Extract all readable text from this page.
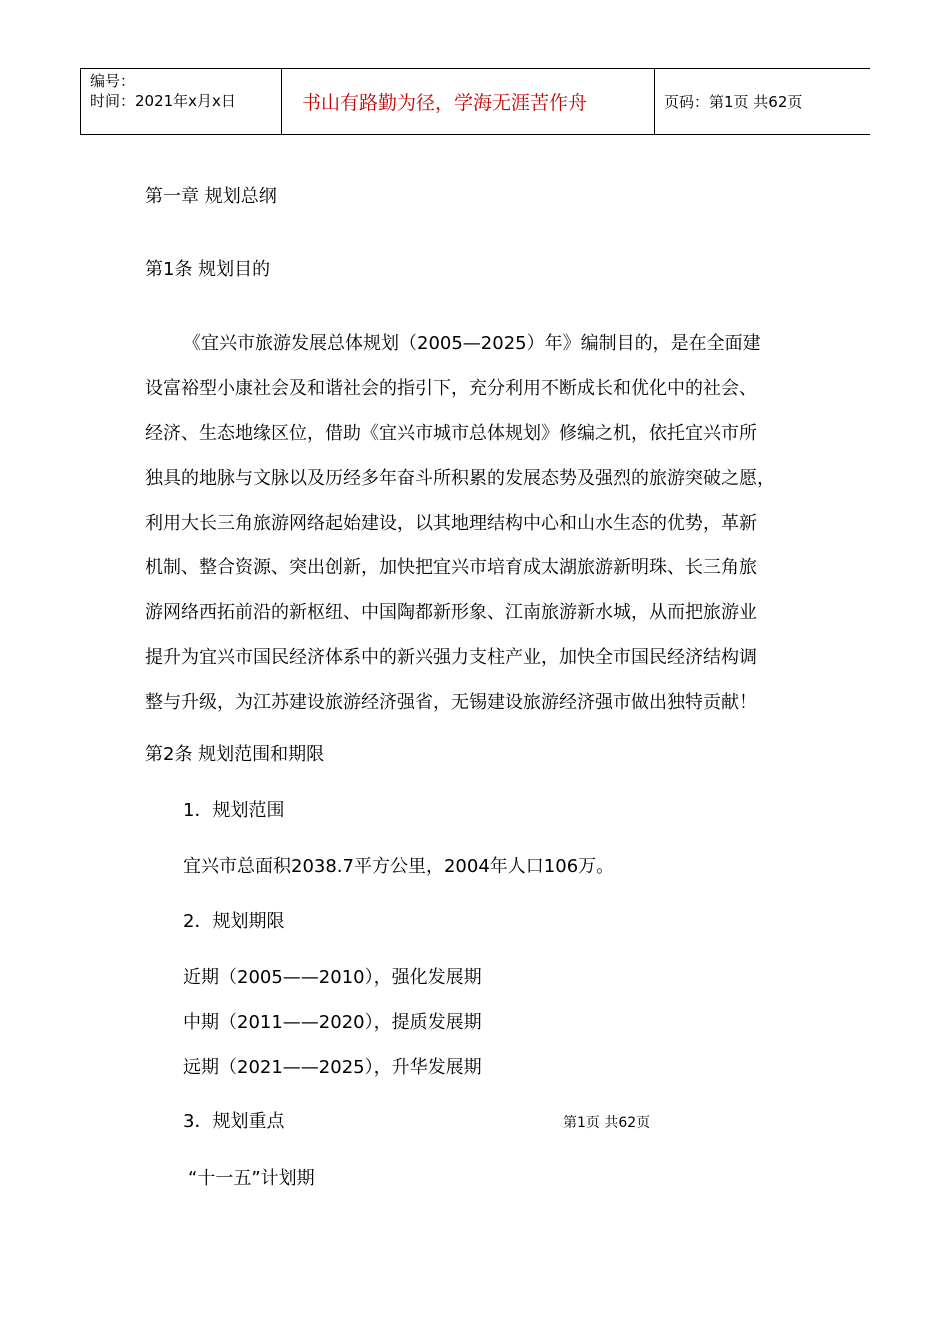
编号：
时间：2021年x月x日	书山有路勤为径，学海无涯苦作舟	页码：第1页 共62页
第一章 规划总纲
第1条 规划目的
《宜兴市旅游发展总体规划（2005—2025）年》编制目的，是在全面建
设富裕型小康社会及和谐社会的指引下，充分利用不断成长和优化中的社会、
经济、生态地缘区位，借助《宜兴市城市总体规划》修编之机，依托宜兴市所
独具的地脉与文脉以及历经多年奋斗所积累的发展态势及强烈的旅游突破之愿，
利用大长三角旅游网络起始建设，以其地理结构中心和山水生态的优势，革新
机制、整合资源、突出创新，加快把宜兴市培育成太湖旅游新明珠、长三角旅
游网络西拓前沿的新枢纽、中国陶都新形象、江南旅游新水城，从而把旅游业
提升为宜兴市国民经济体系中的新兴强力支柱产业，加快全市国民经济结构调
整与升级，为江苏建设旅游经济强省，无锡建设旅游经济强市做出独特贡献！
第2条 规划范围和期限
1．规划范围
宜兴市总面积2038.7平方公里，2004年人口106万。
2．规划期限
近期（2005——2010），强化发展期
中期（2011——2020），提质发展期
远期（2021——2025），升华发展期
3．规划重点	第1页 共62页
“十一五”计划期
